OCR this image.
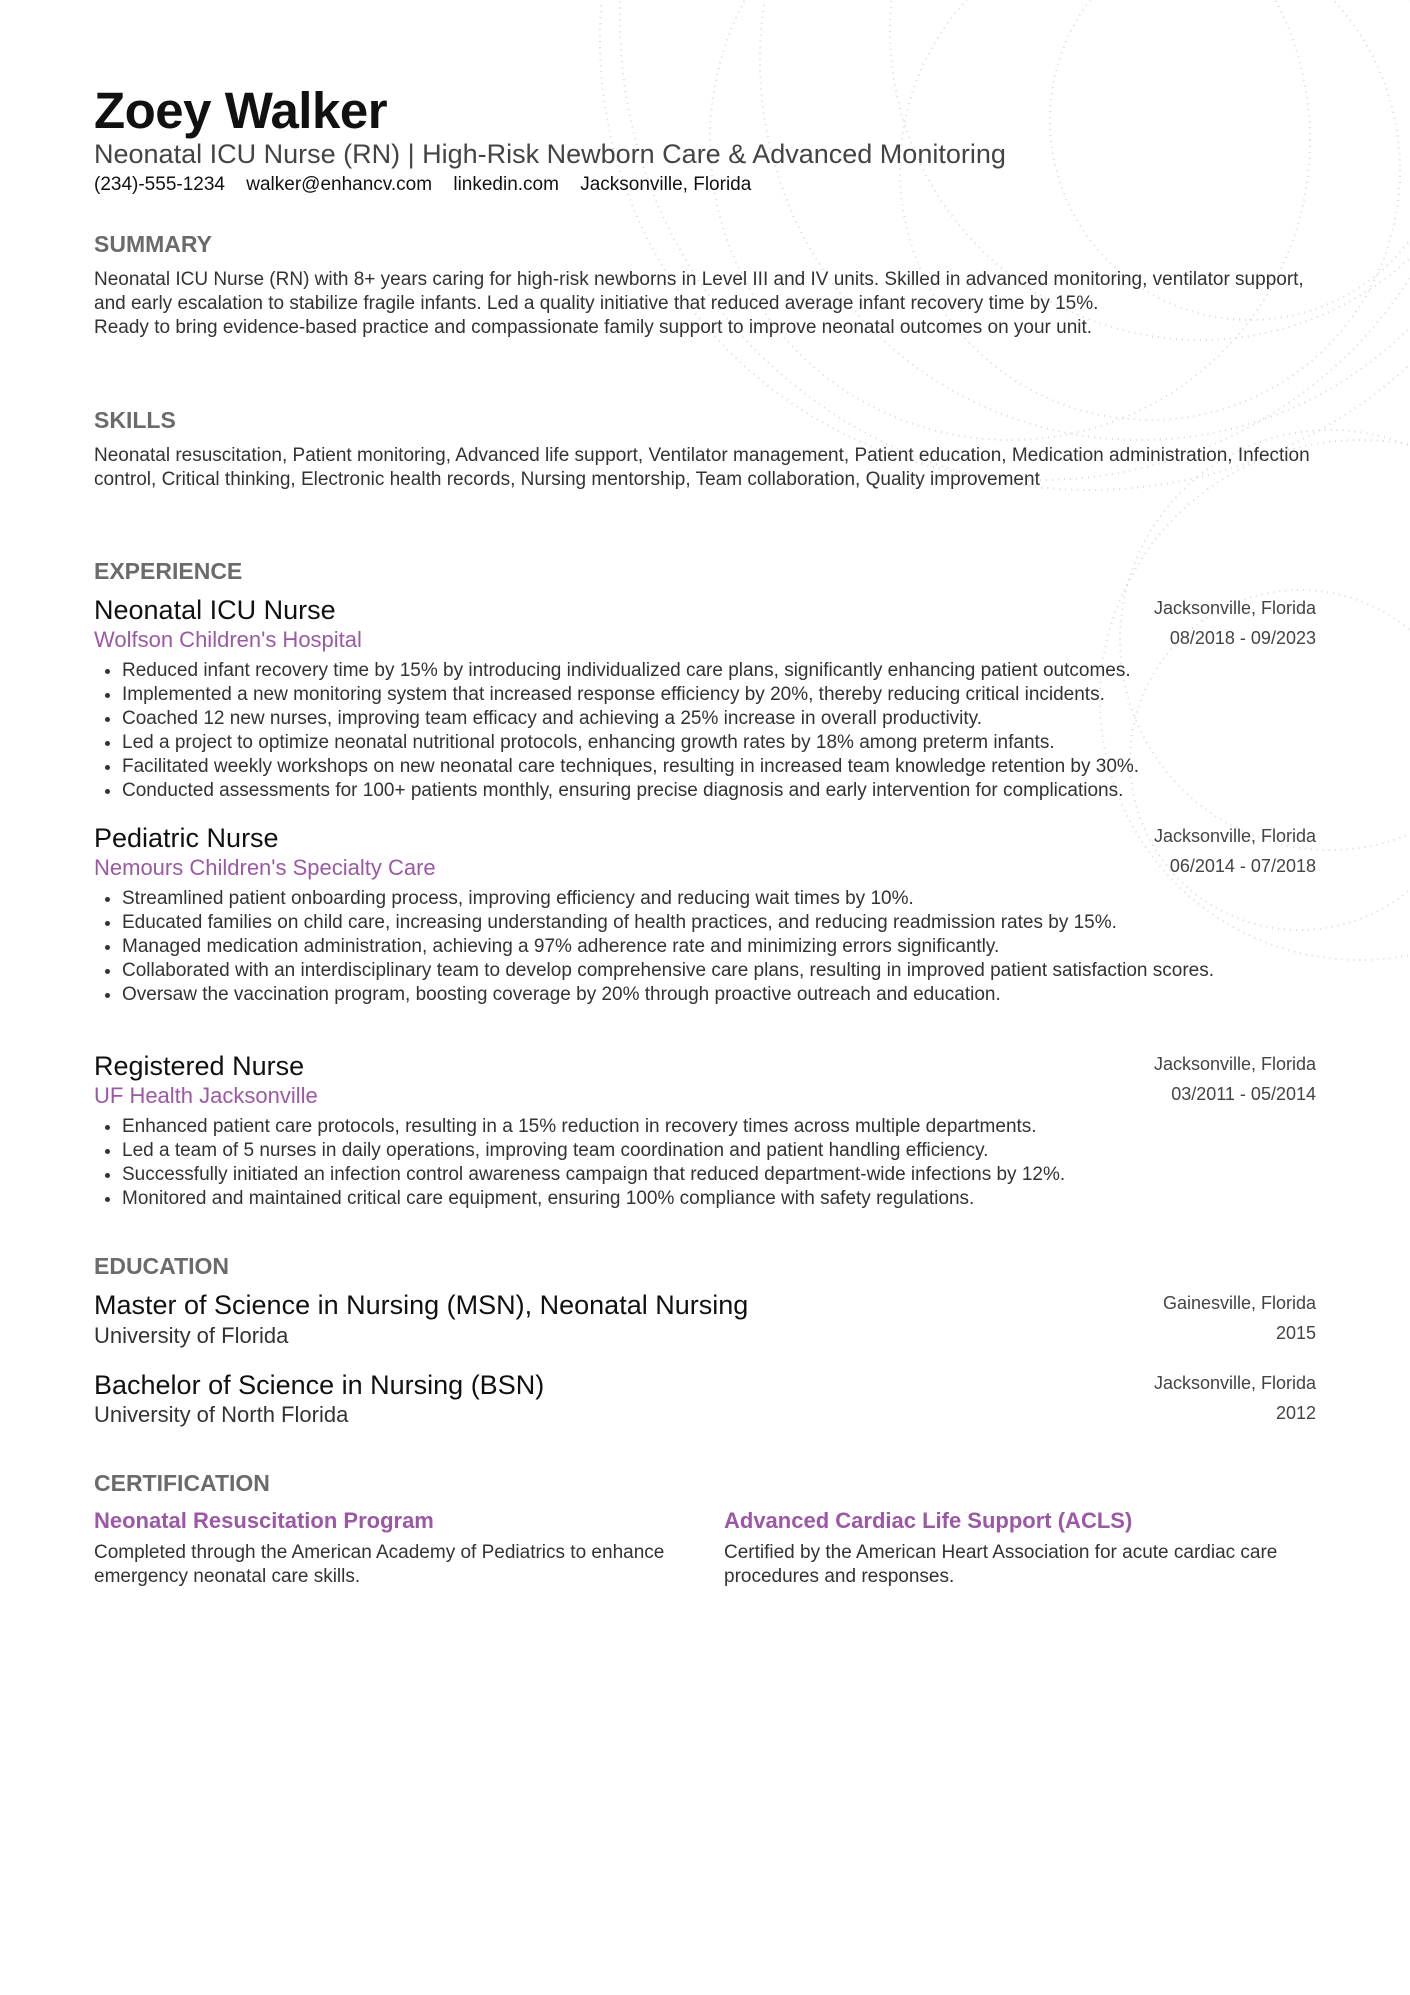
Zoey Walker
Neonatal ICU Nurse (RN) | High-Risk Newborn Care & Advanced Monitoring
(234)-555-1234 walker@enhancv.com linkedin.com Jacksonville, Florida
SUMMARY

Neonatal ICU Nurse (RN) with 8+ years caring for high-risk newborns in Level III and IV units. Skilled in advanced monitoring, ventilator support, and early escalation to stabilize fragile infants. Led a quality initiative that reduced average infant recovery time by 15%.

Ready to bring evidence-based practice and compassionate family support to improve neonatal outcomes on your unit.

SKILLS

Neonatal resuscitation, Patient monitoring, Advanced life support, Ventilator management, Patient education, Medication administration, Infection control, Critical thinking, Electronic health records, Nursing mentorship, Team collaboration, Quality improvement

EXPERIENCE
Neonatal ICU Nurse	Jacksonville, Florida
Wolfson Children's Hospital	08/2018 - 09/2023
• Reduced infant recovery time by 15% by introducing individualized care plans, significantly enhancing patient outcomes.
• Implemented a new monitoring system that increased response efficiency by 20%, thereby reducing critical incidents.
• Coached 12 new nurses, improving team efficacy and achieving a 25% increase in overall productivity.
• Led a project to optimize neonatal nutritional protocols, enhancing growth rates by 18% among preterm infants.
• Facilitated weekly workshops on new neonatal care techniques, resulting in increased team knowledge retention by 30%.
• Conducted assessments for 100+ patients monthly, ensuring precise diagnosis and early intervention for complications.
Pediatric Nurse	Jacksonville, Florida
Nemours Children's Specialty Care	06/2014 - 07/2018
• Streamlined patient onboarding process, improving efficiency and reducing wait times by 10%.
• Educated families on child care, increasing understanding of health practices, and reducing readmission rates by 15%.
• Managed medication administration, achieving a 97% adherence rate and minimizing errors significantly.
• Collaborated with an interdisciplinary team to develop comprehensive care plans, resulting in improved patient satisfaction scores.
• Oversaw the vaccination program, boosting coverage by 20% through proactive outreach and education.
Registered Nurse	Jacksonville, Florida
UF Health Jacksonville	03/2011 - 05/2014
• Enhanced patient care protocols, resulting in a 15% reduction in recovery times across multiple departments.
• Led a team of 5 nurses in daily operations, improving team coordination and patient handling efficiency.
• Successfully initiated an infection control awareness campaign that reduced department-wide infections by 12%.
• Monitored and maintained critical care equipment, ensuring 100% compliance with safety regulations.
EDUCATION
Master of Science in Nursing (MSN), Neonatal Nursing	Gainesville, Florida
University of Florida	2015
Bachelor of Science in Nursing (BSN)	Jacksonville, Florida
University of North Florida	2012
CERTIFICATION
Neonatal Resuscitation Program

Completed through the American Academy of Pediatrics to enhance emergency neonatal care skills.

Advanced Cardiac Life Support (ACLS)

Certified by the American Heart Association for acute cardiac care procedures and responses.
